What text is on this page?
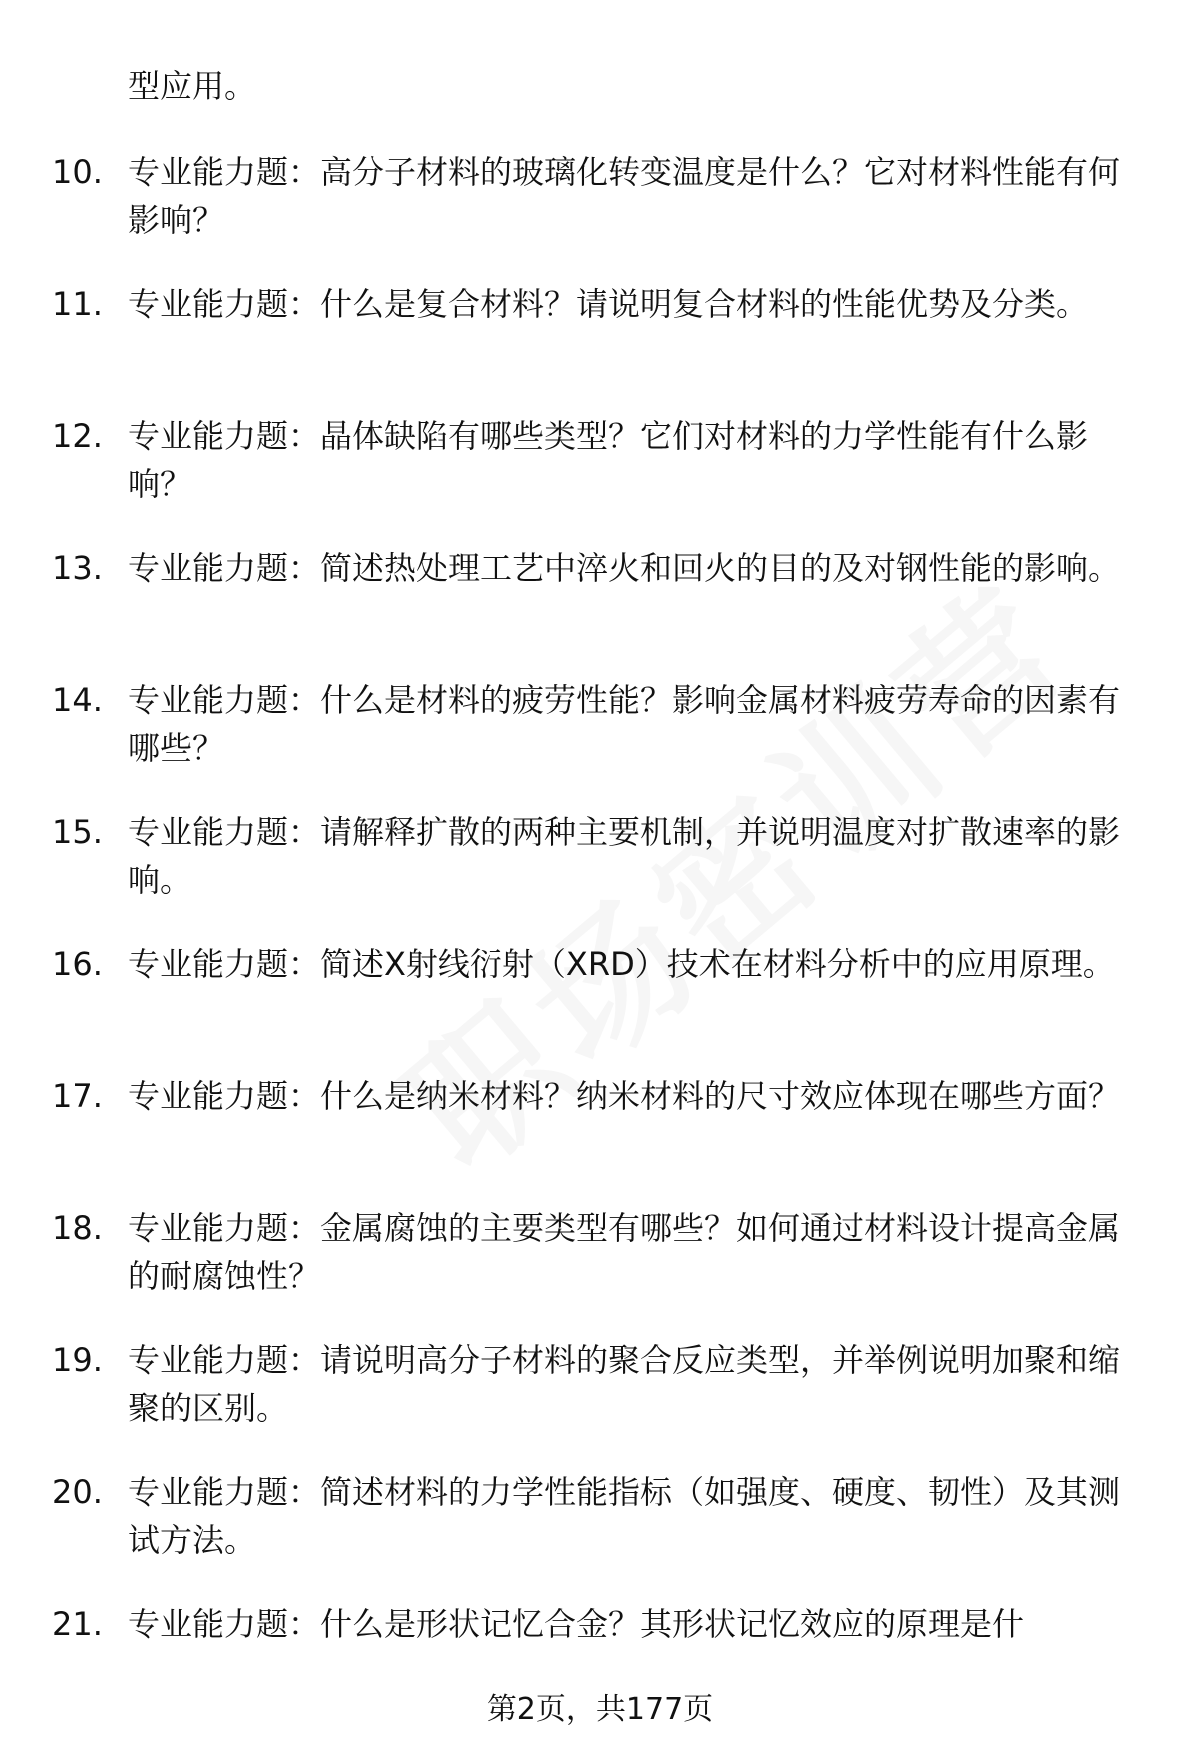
型应用。

10. 专业能力题：高分子材料的玻璃化转变温度是什么？它对材料性能有何影响？
11. 专业能力题：什么是复合材料？请说明复合材料的性能优势及分类。
12. 专业能力题：晶体缺陷有哪些类型？它们对材料的力学性能有什么影响？
13. 专业能力题：简述热处理工艺中淬火和回火的目的及对钢性能的影响。
14. 专业能力题：什么是材料的疲劳性能？影响金属材料疲劳寿命的因素有哪些？
15. 专业能力题：请解释扩散的两种主要机制，并说明温度对扩散速率的影响。
16. 专业能力题：简述X射线衍射（XRD）技术在材料分析中的应用原理。
17. 专业能力题：什么是纳米材料？纳米材料的尺寸效应体现在哪些方面？
18. 专业能力题：金属腐蚀的主要类型有哪些？如何通过材料设计提高金属的耐腐蚀性？
19. 专业能力题：请说明高分子材料的聚合反应类型，并举例说明加聚和缩聚的区别。
20. 专业能力题：简述材料的力学性能指标（如强度、硬度、韧性）及其测试方法。
21. 专业能力题：什么是形状记忆合金？其形状记忆效应的原理是什
第2页，共177页
